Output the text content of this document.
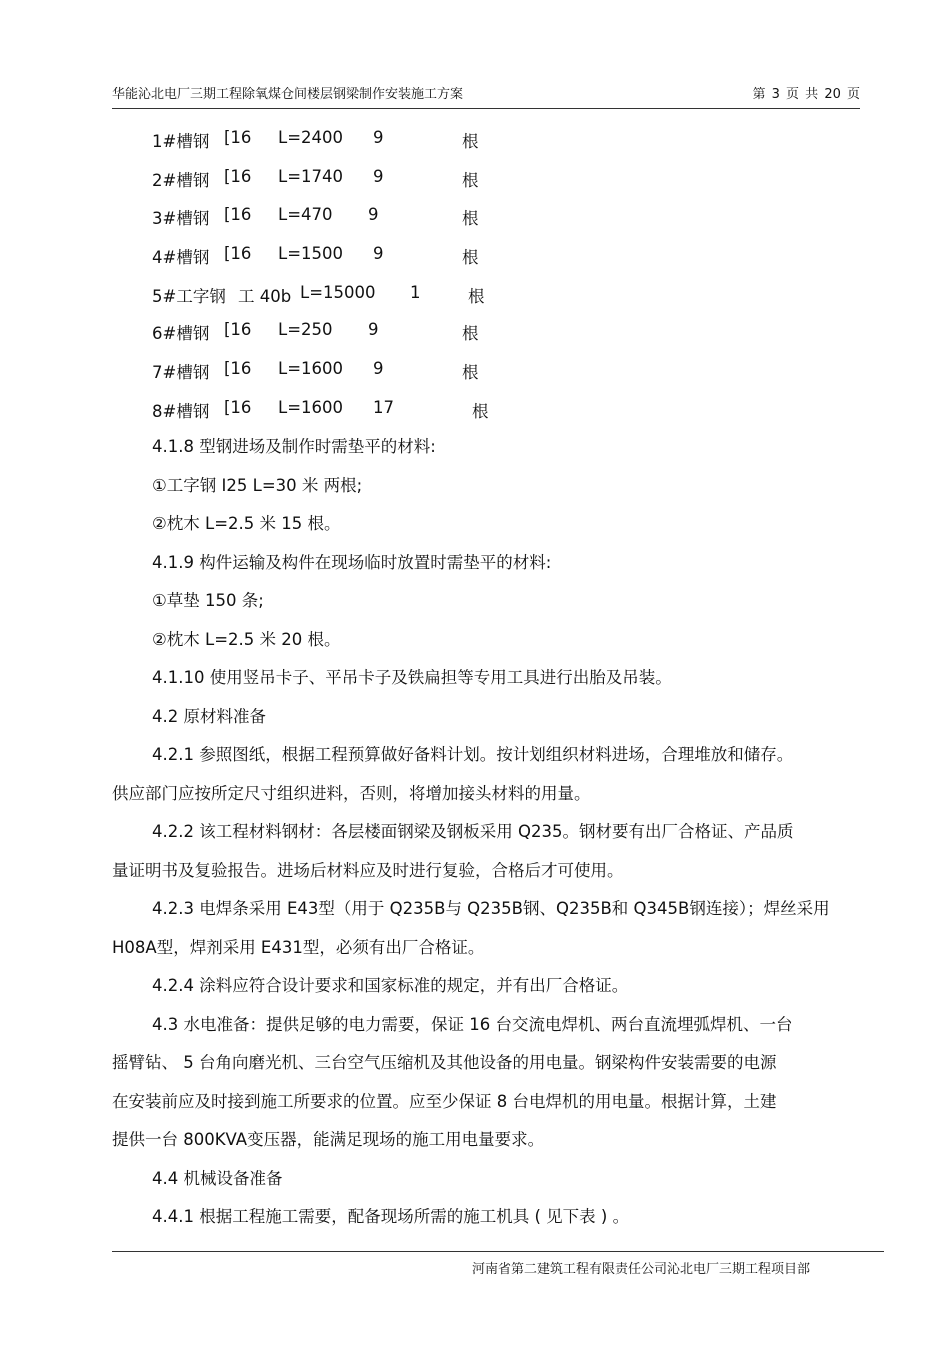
华能沁北电厂三期工程除氧煤仓间楼层钢梁制作安装施工方案	第 3 页 共 20 页
1#槽钢 [16 L=2400 9	根
2#槽钢 [16 L=1740 9	根
3#槽钢 [16 L=470 9	根
4#槽钢 [16 L=1500 9	根
5#工字钢 工 40b L=15000 1	根
6#槽钢 [16 L=250 9	根
7#槽钢 [16 L=1600 9	根
8#槽钢 [16 L=1600 17	根
4.1.8 型钢进场及制作时需垫平的材料:
①工字钢 I25 L=30 米 两根;
②枕木 L=2.5 米 15 根。
4.1.9 构件运输及构件在现场临时放置时需垫平的材料:
①草垫 150 条;
②枕木 L=2.5 米 20 根。
4.1.10 使用竖吊卡子、平吊卡子及铁扁担等专用工具进行出胎及吊装。
4.2 原材料准备
4.2.1 参照图纸，根据工程预算做好备料计划。按计划组织材料进场，合理堆放和储存。
供应部门应按所定尺寸组织进料，否则，将增加接头材料的用量。
4.2.2 该工程材料钢材：各层楼面钢梁及钢板采用 Q235。钢材要有出厂合格证、产品质
量证明书及复验报告。进场后材料应及时进行复验，合格后才可使用。
4.2.3 电焊条采用 E43型（用于 Q235B与 Q235B钢、Q235B和 Q345B钢连接）；焊丝采用
H08A型，焊剂采用 E431型，必须有出厂合格证。
4.2.4 涂料应符合设计要求和国家标准的规定，并有出厂合格证。
4.3 水电准备：提供足够的电力需要，保证 16 台交流电焊机、两台直流埋弧焊机、一台
摇臂钻、 5 台角向磨光机、三台空气压缩机及其他设备的用电量。钢梁构件安装需要的电源
在安装前应及时接到施工所要求的位置。应至少保证 8 台电焊机的用电量。根据计算，土建
提供一台 800KVA变压器，能满足现场的施工用电量要求。
4.4 机械设备准备
4.4.1 根据工程施工需要，配备现场所需的施工机具 ( 见下表 ) 。
河南省第二建筑工程有限责任公司沁北电厂三期工程项目部
